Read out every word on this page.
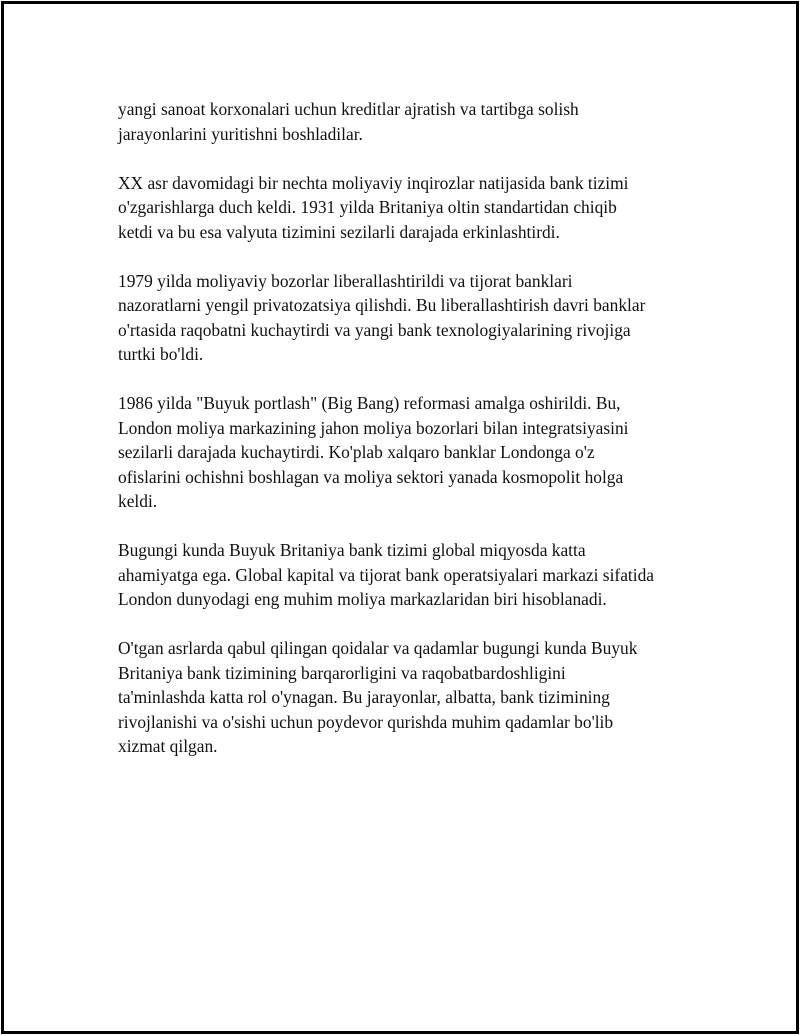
yangi sanoat korxonalari uchun kreditlar ajratish va tartibga solish
jarayonlarini yuritishni boshladilar.

XX asr davomidagi bir nechta moliyaviy inqirozlar natijasida bank tizimi
o'zgarishlarga duch keldi. 1931 yilda Britaniya oltin standartidan chiqib
ketdi va bu esa valyuta tizimini sezilarli darajada erkinlashtirdi.

1979 yilda moliyaviy bozorlar liberallashtirildi va tijorat banklari
nazoratlarni yengil privatozatsiya qilishdi. Bu liberallashtirish davri banklar
o'rtasida raqobatni kuchaytirdi va yangi bank texnologiyalarining rivojiga
turtki bo'ldi.

1986 yilda "Buyuk portlash" (Big Bang) reformasi amalga oshirildi. Bu,
London moliya markazining jahon moliya bozorlari bilan integratsiyasini
sezilarli darajada kuchaytirdi. Ko'plab xalqaro banklar Londonga o'z
ofislarini ochishni boshlagan va moliya sektori yanada kosmopolit holga
keldi.

Bugungi kunda Buyuk Britaniya bank tizimi global miqyosda katta
ahamiyatga ega. Global kapital va tijorat bank operatsiyalari markazi sifatida
London dunyodagi eng muhim moliya markazlaridan biri hisoblanadi.

O'tgan asrlarda qabul qilingan qoidalar va qadamlar bugungi kunda Buyuk
Britaniya bank tizimining barqarorligini va raqobatbardoshligini
ta'minlashda katta rol o'ynagan. Bu jarayonlar, albatta, bank tizimining
rivojlanishi va o'sishi uchun poydevor qurishda muhim qadamlar bo'lib
xizmat qilgan.
